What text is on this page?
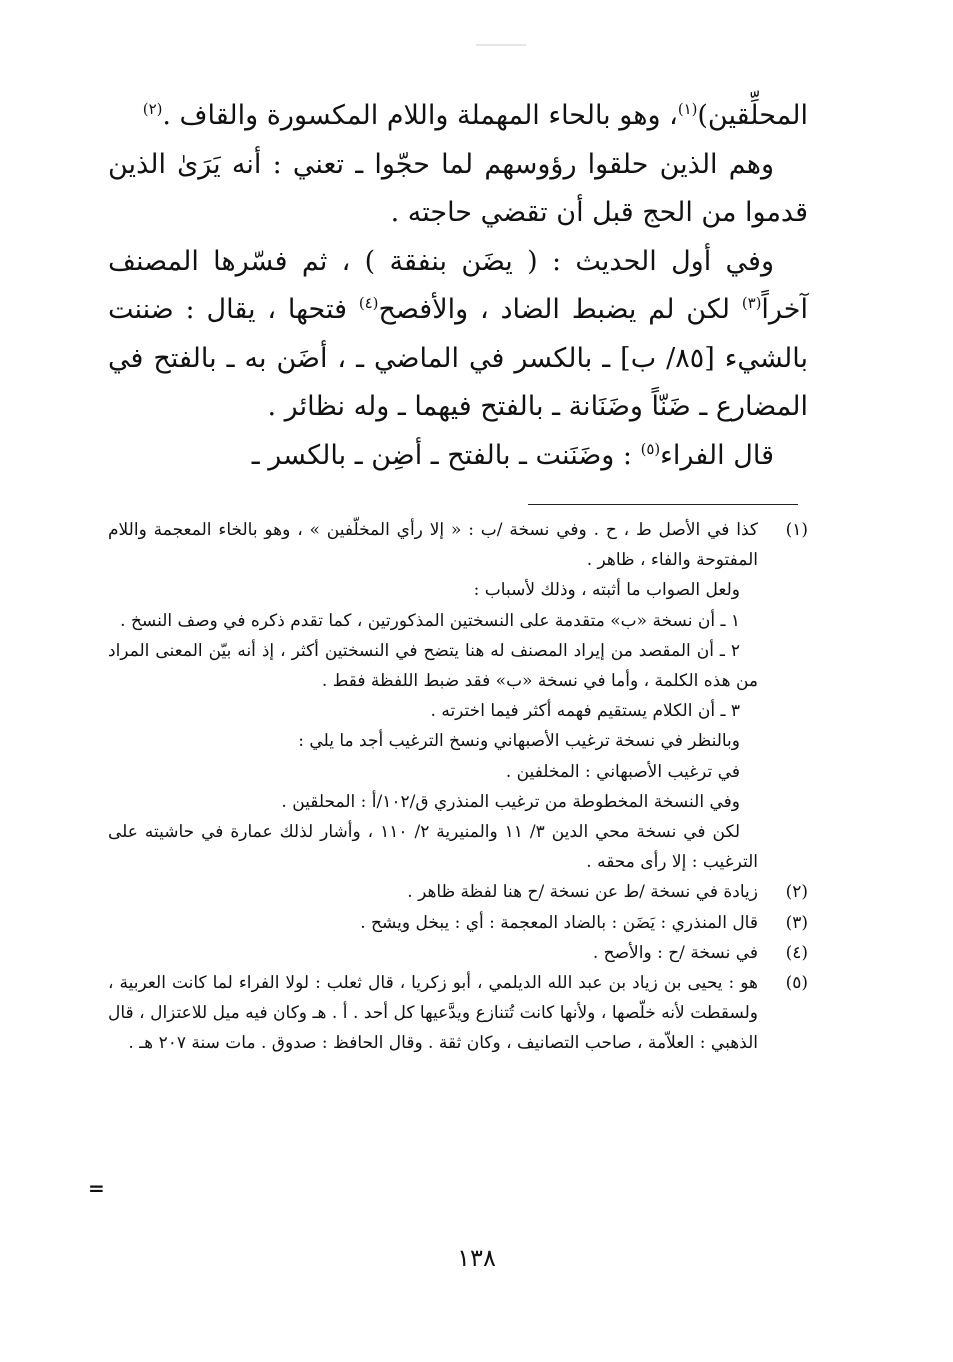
المحلِّقين)$^{(١)}$، وهو بالحاء المهملة واللام المكسورة والقاف .$^{(٢)}$

وهم الذين حلقوا رؤوسهم لما حجّوا ـ تعني : أنه يَرَىٰ الذين قدموا من الحج قبل أن تقضي حاجته .

وفي أول الحديث : ( يضَن بنفقة ) ، ثم فسّرها المصنف آخراً$^{(٣)}$ لكن لم يضبط الضاد ، والأفصح$^{(٤)}$ فتحها ، يقال : ضننت بالشيء [٨٥/ ب] ـ بالكسر في الماضي ـ ، أضَن به ـ بالفتح في المضارع ـ ضَنّاً وضَنَانة ـ بالفتح فيهما ـ وله نظائر .

قال الفراء$^{(٥)}$ : وضَنَنت ـ بالفتح ـ أضِن ـ بالكسر ـ

(١)
كذا في الأصل ط ، ح . وفي نسخة /ب : « إلا رأي المخلّفين » ، وهو بالخاء المعجمة واللام المفتوحة والفاء ، ظاهر .
ولعل الصواب ما أثبته ، وذلك لأسباب :
١ ـ أن نسخة «ب» متقدمة على النسختين المذكورتين ، كما تقدم ذكره في وصف النسخ .
٢ ـ أن المقصد من إيراد المصنف له هنا يتضح في النسختين أكثر ، إذ أنه بيّن المعنى المراد من هذه الكلمة ، وأما في نسخة «ب» فقد ضبط اللفظة فقط .
٣ ـ أن الكلام يستقيم فهمه أكثر فيما اخترته .
وبالنظر في نسخة ترغيب الأصبهاني ونسخ الترغيب أجد ما يلي :
في ترغيب الأصبهاني : المخلفين .
وفي النسخة المخطوطة من ترغيب المنذري ق/١٠٢/أ : المحلقين .
لكن في نسخة محي الدين ٣/ ١١ والمنيرية ٢/ ١١٠ ، وأشار لذلك عمارة في حاشيته على الترغيب : إلا رأى محقه .
(٢)
زيادة في نسخة /ط عن نسخة /ح هنا لفظة ظاهر .
(٣)
قال المنذري : يَضَن : بالضاد المعجمة : أي : يبخل ويشح .
(٤)
في نسخة /ح : والأصح .
(٥)
هو : يحيى بن زياد بن عبد الله الديلمي ، أبو زكريا ، قال ثعلب : لولا الفراء لما كانت العربية ، ولسقطت لأنه خلّصها ، ولأنها كانت تُتنازع ويدَّعيها كل أحد . أ . هـ وكان فيه ميل للاعتزال ، قال الذهبي : العلاّمة ، صاحب التصانيف ، وكان ثقة . وقال الحافظ : صدوق . مات سنة ٢٠٧ هـ .
=
١٣٨
